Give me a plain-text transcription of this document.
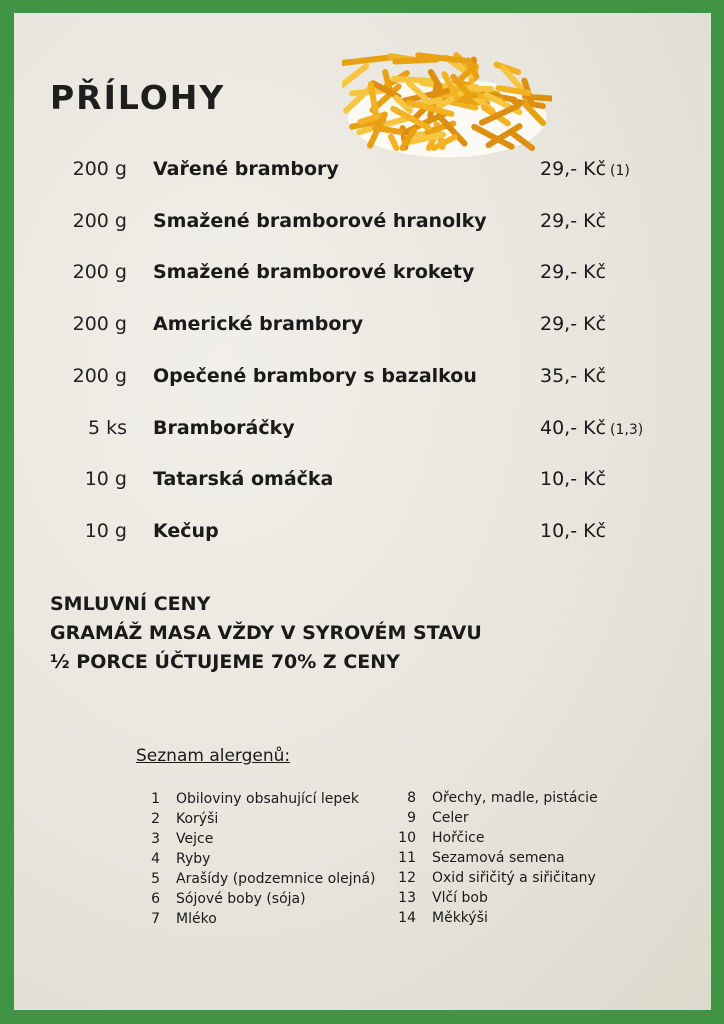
PŘÍLOHY
200 g Vařené brambory	29,- Kč (1)
200 g Smažené bramborové hranolky	29,- Kč
200 g Smažené bramborové krokety	29,- Kč
200 g Americké brambory	29,- Kč
200 g Opečené brambory s bazalkou	35,- Kč
5 ks Bramboráčky	40,- Kč (1,3)
10 g Tatarská omáčka	10,- Kč
10 g Kečup	10,- Kč
SMLUVNÍ CENY
GRAMÁŽ MASA VŽDY V SYROVÉM STAVU
½ PORCE ÚČTUJEME 70% Z CENY
Seznam alergenů:
1 Obiloviny obsahující lepek
2 Korýši
3 Vejce
4 Ryby
5 Arašídy (podzemnice olejná)
6 Sójové boby (sója)
7 Mléko
8 Ořechy, madle, pistácie
9 Celer
10 Hořčice
11 Sezamová semena
12 Oxid siřičitý a siřičitany
13 Vlčí bob
14 Měkkýši
